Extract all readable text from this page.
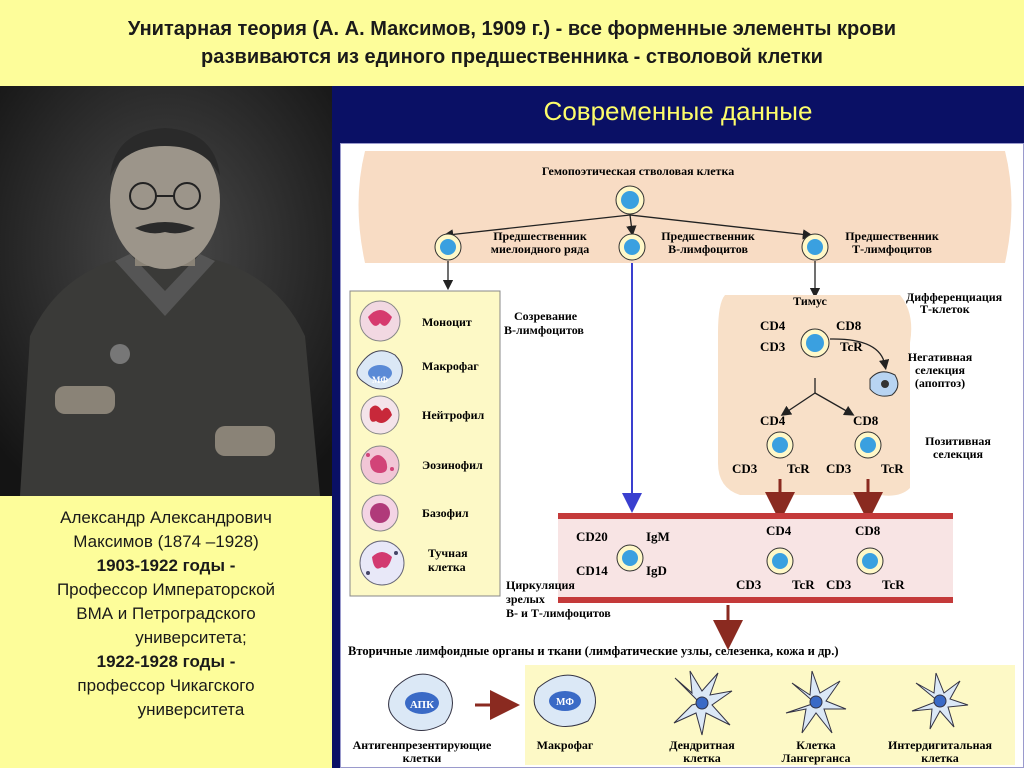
Унитарная теория (А. А. Максимов, 1909 г.) - все форменные элементы крови
развиваются из единого предшественника - стволовой клетки
Александр Александрович
Максимов (1874 –1928)
1903-1922 годы -
Профессор Императорской
ВМА и Петроградского
университета;
1922-1928 годы -
профессор Чикагского
университета
Современные данные
Гемопоэтическая стволовая клетка
Предшественник
миелоидного ряда
Предшественник
В-лимфоцитов
Предшественник
Т-лимфоцитов
Моноцит
МФ
Макрофаг
Нейтрофил
Эозинофил
Базофил
Тучная
клетка
Созревание
В-лимфоцитов
Тимус	Дифференциация
Т-клеток
CD4	CD8
CD3	TcR
Негативная
селекция
(апоптоз)
CD4	CD8
CD3 TcR CD3 TcR
Позитивная
селекция
CD20
CD14
IgM
IgD
CD4
CD3 TcR
CD8
CD3 TcR
Циркуляция
зрелых
В- и Т-лимфоцитов
Вторичные лимфоидные органы и ткани (лимфатические узлы, селезенка, кожа и др.)
АПК
Антигенпрезентирующие
клетки
МФ
Макрофаг	Дендритная
клетка
Клетка
Лангерганса
Интердигитальная
клетка
